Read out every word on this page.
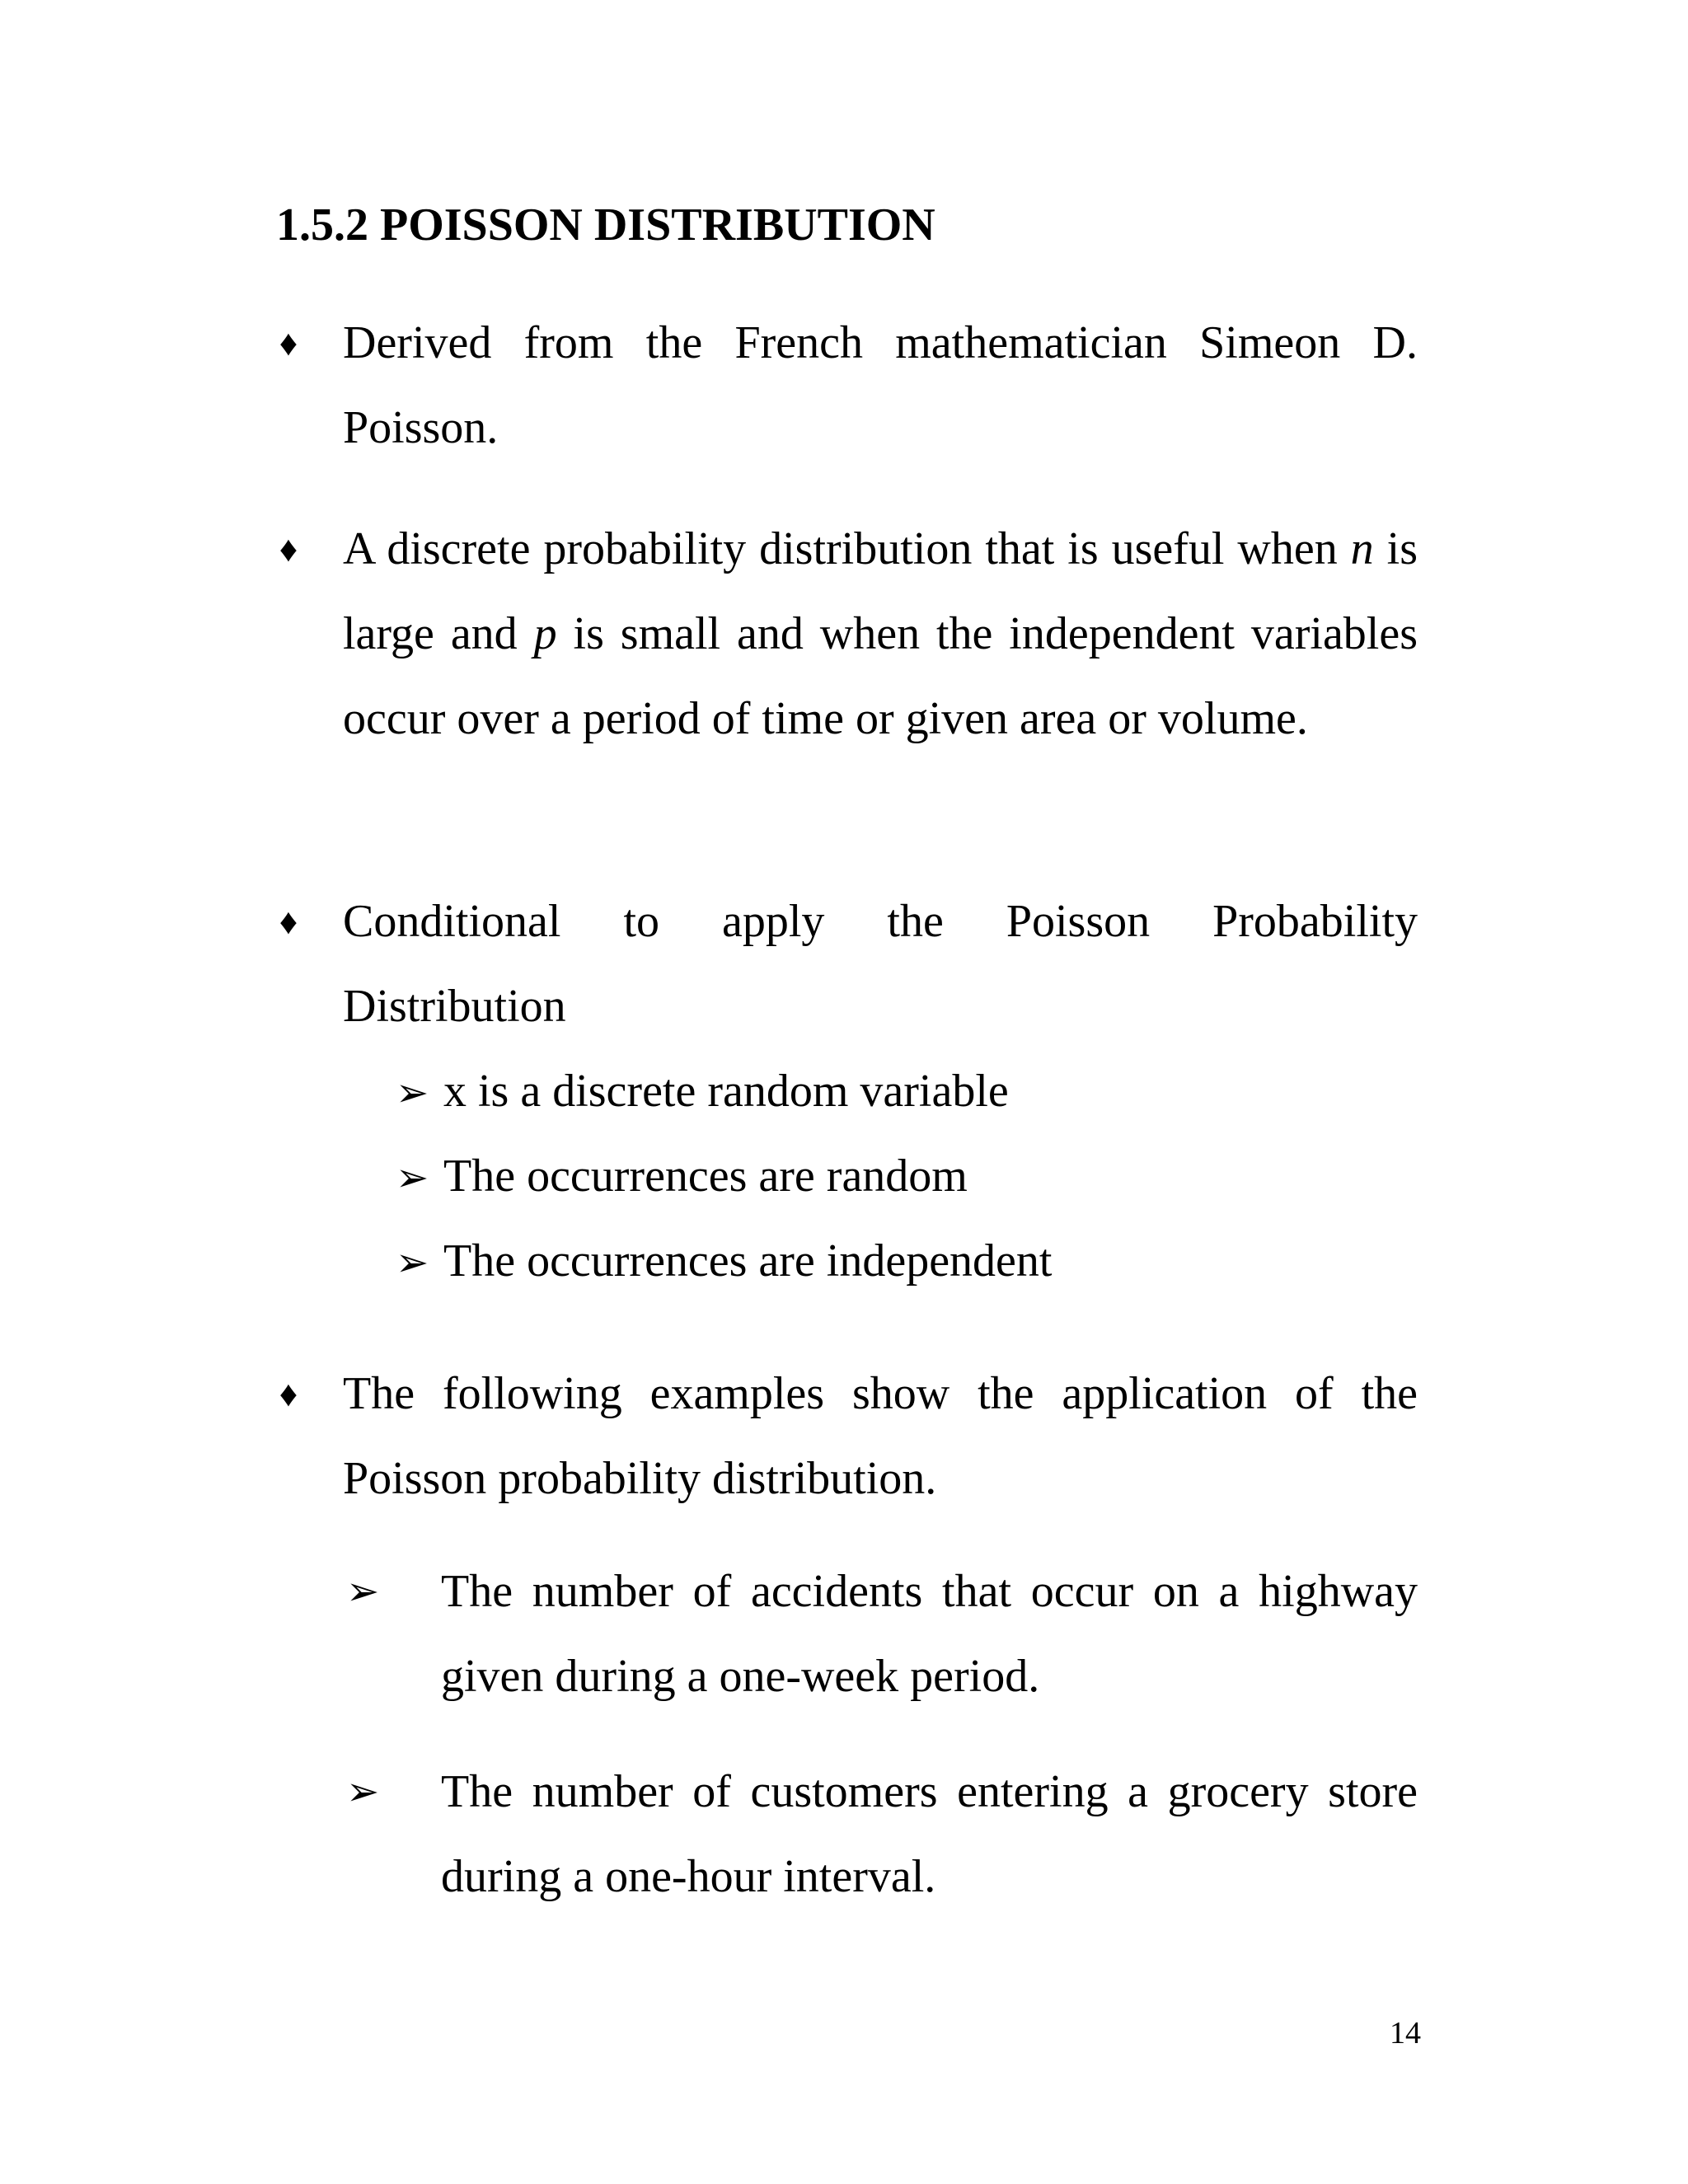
1.5.2 POISSON DISTRIBUTION
♦ Derived from the French mathematician Simeon D.
Poisson.
♦ A discrete probability distribution that is useful when n is large and p is small and when the independent variables occur over a period of time or given area or volume.
♦ Conditional to apply the Poisson Probability
Distribution
➢ x is a discrete random variable
➢ The occurrences are random
➢ The occurrences are independent
♦ The following examples show the application of the Poisson probability distribution.
➢ The number of accidents that occur on a highway given during a one-week period.
➢ The number of customers entering a grocery store during a one-hour interval.
14
